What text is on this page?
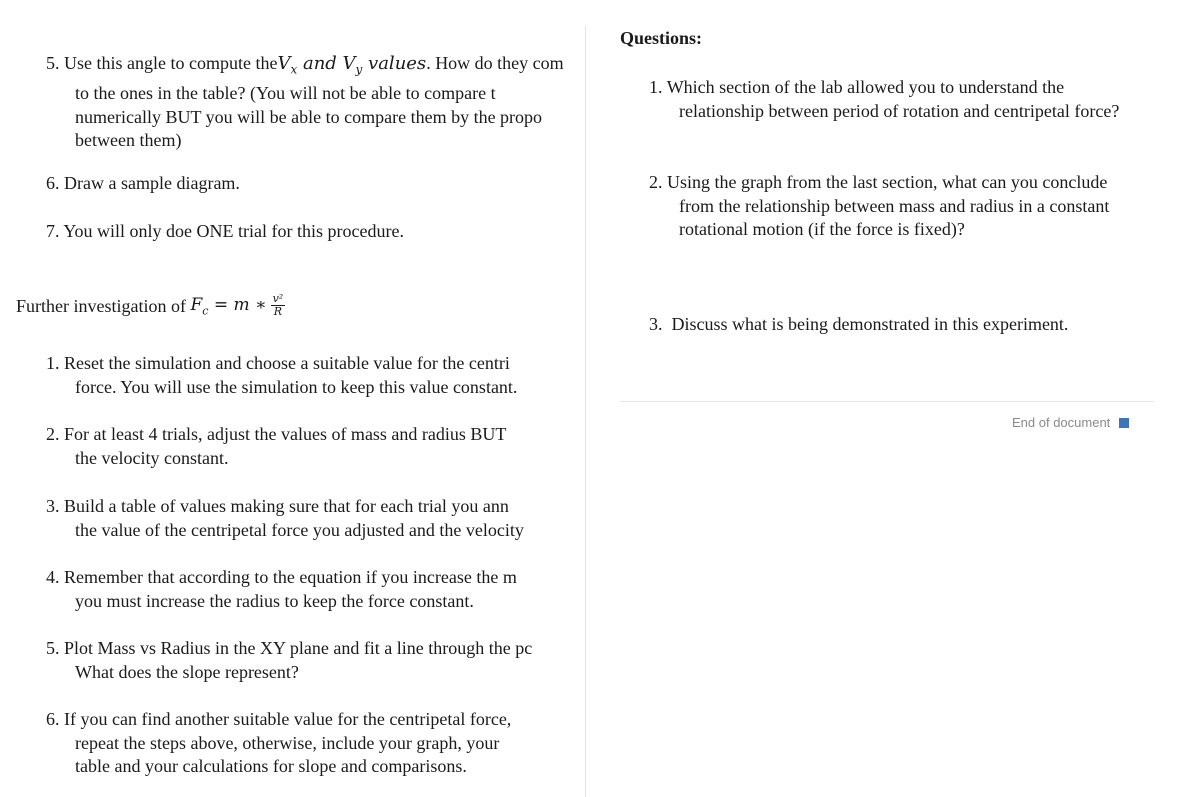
5. Use this angle to compute theV$_x$ and $V_y$ values. How do they com
to the ones in the table? (You will not be able to compare t
numerically BUT you will be able to compare them by the propo
between them)
6. Draw a sample diagram.
7. You will only doe ONE trial for this procedure.
Further investigation of $F_c = m$ ∗ $\frac{\text{v²}}{R}$
1. Reset the simulation and choose a suitable value for the centri
force. You will use the simulation to keep this value constant.
2. For at least 4 trials, adjust the values of mass and radius BUT
the velocity constant.
3. Build a table of values making sure that for each trial you ann
the value of the centripetal force you adjusted and the velocity
4. Remember that according to the equation if you increase the m
you must increase the radius to keep the force constant.
5. Plot Mass vs Radius in the XY plane and fit a line through the pc
What does the slope represent?
6. If you can find another suitable value for the centripetal force,
repeat the steps above, otherwise, include your graph, your
table and your calculations for slope and comparisons.
Questions:
1. Which section of the lab allowed you to understand the
relationship between period of rotation and centripetal force?
2. Using the graph from the last section, what can you conclude
from the relationship between mass and radius in a constant
rotational motion (if the force is fixed)?
3. Discuss what is being demonstrated in this experiment.
End of document
